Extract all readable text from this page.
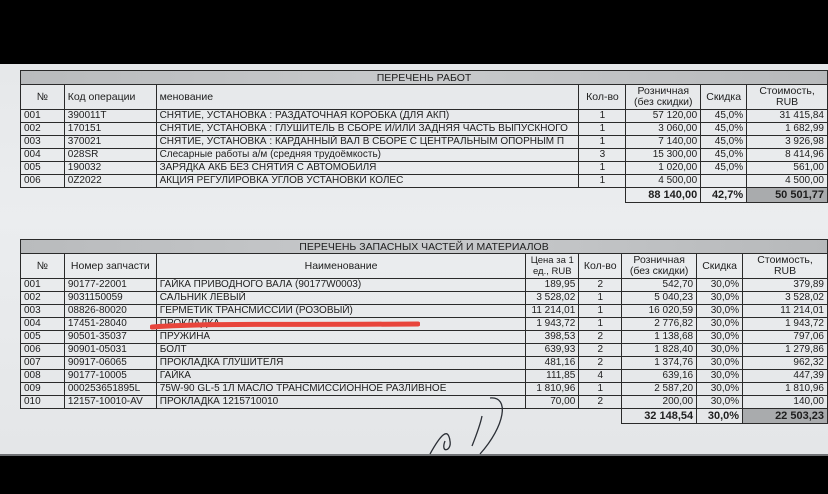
ПЕРЕЧЕНЬ РАБОТ						
№	Код операции	менование	Кол-во	Розничная (без скидки)	Скидка	Стоимость, RUB
001	390011T	СНЯТИЕ, УСТАНОВКА : РАЗДАТОЧНАЯ КОРОБКА (ДЛЯ АКП)	1	57 120,00	45,0%	31 415,84
002	170151	СНЯТИЕ, УСТАНОВКА : ГЛУШИТЕЛЬ В СБОРЕ И/ИЛИ ЗАДНЯЯ ЧАСТЬ ВЫПУСКНОГО	1	3 060,00	45,0%	1 682,99
003	370021	СНЯТИЕ, УСТАНОВКА : КАРДАННЫЙ ВАЛ В СБОРЕ С ЦЕНТРАЛЬНЫМ ОПОРНЫМ П	1	7 140,00	45,0%	3 926,98
004	028SR	Слесарные работы а/м (средняя трудоёмкость)	3	15 300,00	45,0%	8 414,96
005	190032	ЗАРЯДКА АКБ БЕЗ СНЯТИЯ С АВТОМОБИЛЯ	1	1 020,00	45,0%	561,00
006	0Z2022	АКЦИЯ РЕГУЛИРОВКА УГЛОВ УСТАНОВКИ КОЛЕС	1	4 500,00		4 500,00
				88 140,00	42,7%	50 501,77
ПЕРЕЧЕНЬ ЗАПАСНЫХ ЧАСТЕЙ И МАТЕРИАЛОВ							
№	Номер запчасти	Наименование	Цена за 1 ед., RUB	Кол-во	Розничная (без скидки)	Скидка	Стоимость, RUB
001	90177-22001	ГАЙКА ПРИВОДНОГО ВАЛА (90177W0003)	189,95	2	542,70	30,0%	379,89
002	9031150059	САЛЬНИК ЛЕВЫЙ	3 528,02	1	5 040,23	30,0%	3 528,02
003	08826-80020	ГЕРМЕТИК ТРАНСМИССИИ (РОЗОВЫЙ)	11 214,01	1	16 020,59	30,0%	11 214,01
004	17451-28040	ПРОКЛАДКА	1 943,72	1	2 776,82	30,0%	1 943,72
005	90501-35037	ПРУЖИНА	398,53	2	1 138,68	30,0%	797,06
006	90901-05031	БОЛТ	639,93	2	1 828,40	30,0%	1 279,86
007	90917-06065	ПРОКЛАДКА ГЛУШИТЕЛЯ	481,16	2	1 374,76	30,0%	962,32
008	90177-10005	ГАЙКА	111,85	4	639,16	30,0%	447,39
009	000253651895L	75W-90 GL-5 1Л МАСЛО ТРАНСМИССИОННОЕ РАЗЛИВНОЕ	1 810,96	1	2 587,20	30,0%	1 810,96
010	12157-10010-AV	ПРОКЛАДКА 1215710010	70,00	2	200,00	30,0%	140,00
					32 148,54	30,0%	22 503,23
